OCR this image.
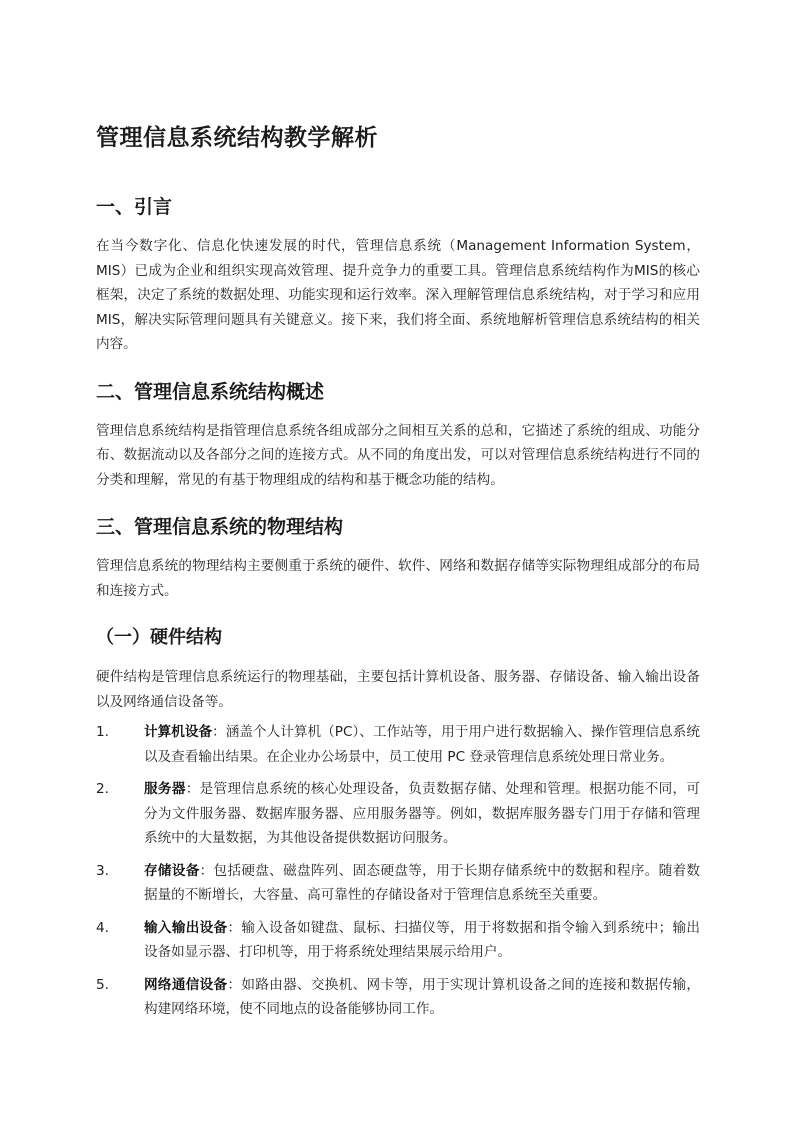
管理信息系统结构教学解析
一、引言

在当今数字化、信息化快速发展的时代，管理信息系统（Management Information System，MIS）已成为企业和组织实现高效管理、提升竞争力的重要工具。管理信息系统结构作为MIS的核心框架，决定了系统的数据处理、功能实现和运行效率。深入理解管理信息系统结构，对于学习和应用 MIS，解决实际管理问题具有关键意义。接下来，我们将全面、系统地解析管理信息系统结构的相关内容。

二、管理信息系统结构概述

管理信息系统结构是指管理信息系统各组成部分之间相互关系的总和，它描述了系统的组成、功能分布、数据流动以及各部分之间的连接方式。从不同的角度出发，可以对管理信息系统结构进行不同的分类和理解，常见的有基于物理组成的结构和基于概念功能的结构。

三、管理信息系统的物理结构

管理信息系统的物理结构主要侧重于系统的硬件、软件、网络和数据存储等实际物理组成部分的布局和连接方式。

（一）硬件结构

硬件结构是管理信息系统运行的物理基础，主要包括计算机设备、服务器、存储设备、输入输出设备以及网络通信设备等。

1.	计算机设备：涵盖个人计算机（PC）、工作站等，用于用户进行数据输入、操作管理信息系统以及查看输出结果。在企业办公场景中，员工使用 PC 登录管理信息系统处理日常业务。
2.	服务器：是管理信息系统的核心处理设备，负责数据存储、处理和管理。根据功能不同，可分为文件服务器、数据库服务器、应用服务器等。例如，数据库服务器专门用于存储和管理系统中的大量数据，为其他设备提供数据访问服务。
3.	存储设备：包括硬盘、磁盘阵列、固态硬盘等，用于长期存储系统中的数据和程序。随着数据量的不断增长，大容量、高可靠性的存储设备对于管理信息系统至关重要。
4.	输入输出设备：输入设备如键盘、鼠标、扫描仪等，用于将数据和指令输入到系统中；输出设备如显示器、打印机等，用于将系统处理结果展示给用户。
5.	网络通信设备：如路由器、交换机、网卡等，用于实现计算机设备之间的连接和数据传输，构建网络环境，使不同地点的设备能够协同工作。
